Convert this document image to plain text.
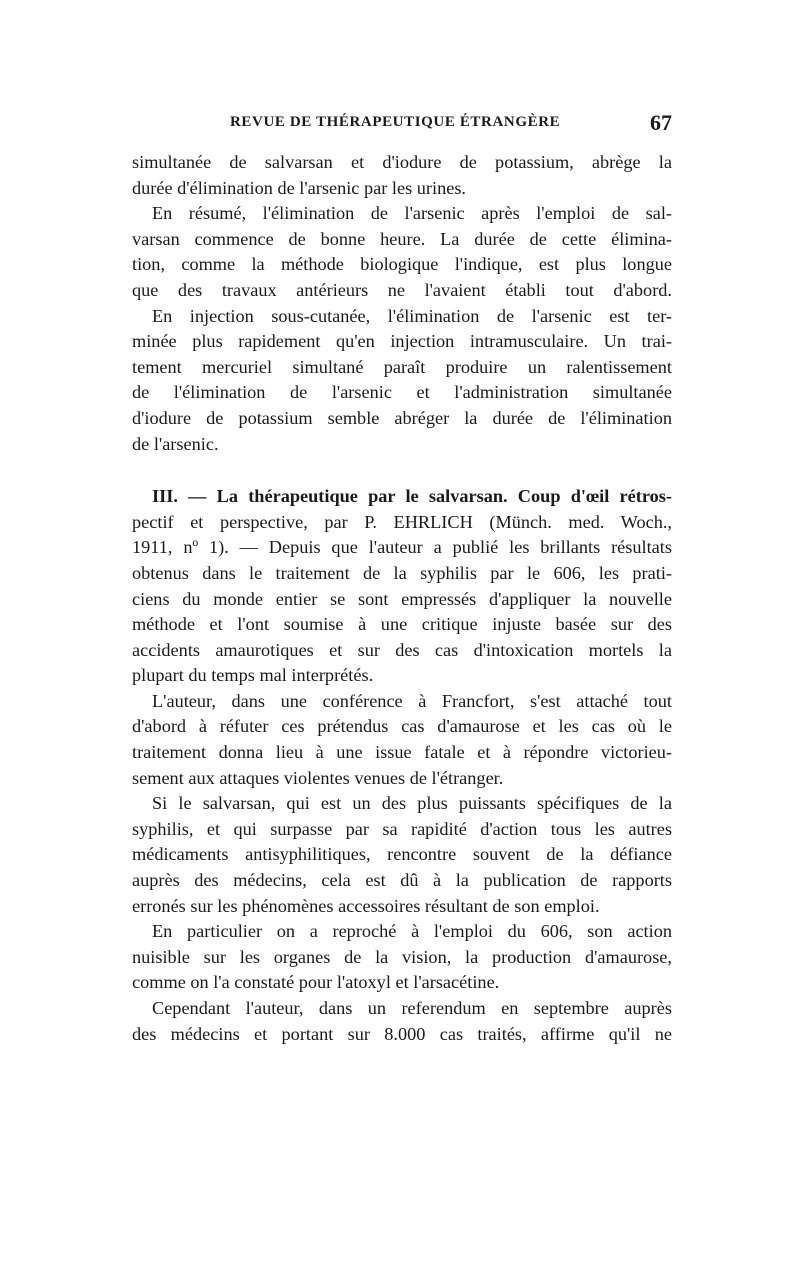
REVUE DE THÉRAPEUTIQUE ÉTRANGÈRE	67
simultanée de salvarsan et d'iodure de potassium, abrège la
durée d'élimination de l'arsenic par les urines.
En résumé, l'élimination de l'arsenic après l'emploi de sal-
varsan commence de bonne heure. La durée de cette élimina-
tion, comme la méthode biologique l'indique, est plus longue
que des travaux antérieurs ne l'avaient établi tout d'abord.
En injection sous-cutanée, l'élimination de l'arsenic est ter-
minée plus rapidement qu'en injection intramusculaire. Un trai-
tement mercuriel simultané paraît produire un ralentissement
de l'élimination de l'arsenic et l'administration simultanée
d'iodure de potassium semble abréger la durée de l'élimination
de l'arsenic.
III. — La thérapeutique par le salvarsan. Coup d'œil rétros-
pectif et perspective, par P. EHRLICH (Münch. med. Woch.,
1911, nº 1). — Depuis que l'auteur a publié les brillants résultats
obtenus dans le traitement de la syphilis par le 606, les prati-
ciens du monde entier se sont empressés d'appliquer la nouvelle
méthode et l'ont soumise à une critique injuste basée sur des
accidents amaurotiques et sur des cas d'intoxication mortels la
plupart du temps mal interprétés.
L'auteur, dans une conférence à Francfort, s'est attaché tout
d'abord à réfuter ces prétendus cas d'amaurose et les cas où le
traitement donna lieu à une issue fatale et à répondre victorieu-
sement aux attaques violentes venues de l'étranger.
Si le salvarsan, qui est un des plus puissants spécifiques de la
syphilis, et qui surpasse par sa rapidité d'action tous les autres
médicaments antisyphilitiques, rencontre souvent de la défiance
auprès des médecins, cela est dû à la publication de rapports
erronés sur les phénomènes accessoires résultant de son emploi.
En particulier on a reproché à l'emploi du 606, son action
nuisible sur les organes de la vision, la production d'amaurose,
comme on l'a constaté pour l'atoxyl et l'arsacétine.
Cependant l'auteur, dans un referendum en septembre auprès
des médecins et portant sur 8.000 cas traités, affirme qu'il ne
